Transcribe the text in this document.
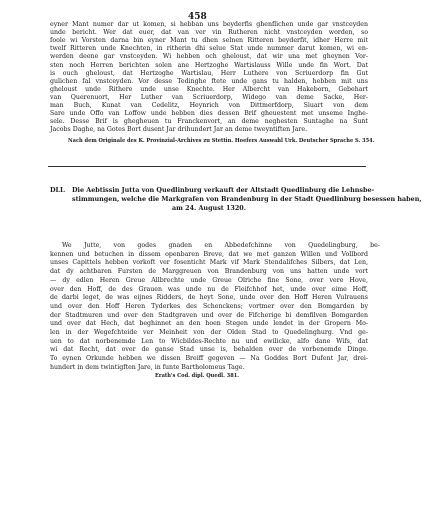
458
eyner Mant numer dar ut komen, si hebban uns beyderfis ghenflichen unde gar vnstceyden
unde bericht. Wer dat euer, dat van ver vin Rutheren nicht vnstceyden worden, so
foole wi Vorsten darna bin eyner Mant tu dhen selnen Ritteren beyderfit, idher Herre mit
twelf Ritteren unde Knechten, in ritherin dhi selue Stat unde nummer darut komen, wi en-
werden deene gar vnstceyden. Wi hebben och gheloust, dat wir una met gheynen Vor-
sten noch Herren berichten solen ane Hertzoghe Wartislauss Wille unde fin Wort. Dat
is ouch gheloust, dat Hertzoghe Wartislau, Herr Luthere von Scriuerdorp fin Gut
gulichen fal vnstceyden. Vor desse Tedinghe ftete unde gans tu halden, hebben mit uns
gheloust unde Rithere unde unse Knechte. Her Albercht van Hakeborn, Gebehart
van Querenuort, Her Luther van Scriuerdorp, Widego van deme Sacke, Her-
man Buch, Kunat van Cedelitz, Heynrich von Dittmerfdorp, Siuart von dem
Sare unde Offo van Loffow unde hebben dies dessen Brif gheuestent met unseme Inghe-
sele. Desse Brif is ghegheuen tu Franckenvort, an deme neghesten Suntaghe na Sunt
Jacobs Daghe, na Gotes Bort dusent Jar drihundert Jar an deme tweyntiften Jare.
Nach dem Originale des K. Provinzial-Archives zu Stettin. Hoefers Auswahl Urk. Deutscher Sprache S. 354.
DLI. Die Aebtissin Jutta von Quedlinburg verkauft der Altstadt Quedlinburg die Lehnsbe-
stimmungen, welche die Markgrafen von Brandenburg in der Stadt Quedlinburg besessen haben,
am 24. August 1320.
We Jutte, von godes gnaden en Abbedefchinne von Quedelingburg, be-
kennen und betuchen in dissem openbaren Breve, dat we met ganzen Willen und Vollbord
unses Capittels hebben vorkoft ver fosenticht Mark vif Mark Stendalifches Silbers, dat Len,
dat dy achtbaren Fursten de Marggreuen von Brandenburg von uns hatten unde vort
— dy edlen Heren Greue Allbrechte unde Greue Olriche fine Sone, over vere Hove,
over den Hoff, de des Grauen was unde nu de Fleifchhof het, unde over eime Hoff,
de darbi leget, de was eijnes Ridders, de heyt Sone, unde over den Hoff Heren Vulrauens
und over den Hoff Heren Tyderkes des Schenckens; vortmer over den Bomgarden by
der Stadtmuren und over den Stadtgraven und over de Fifcherige bi demfilven Bomgarden
und over dat Hech, dat beghinnet an den hoen Stegen unde lendet in der Gropern Mo-
len in der Wegefchteide ver Meinheit von der Olden Stad to Quedelinghurg. Vnd ge-
uen to dat norbenemde Len to Wicbildes-Rechte nu und ewilicke, alfo dane Wifs, dat
wi dat Recht, dat over de ganse Stad unse is, behalden over de vorbenemde Dinge.
To eynen Orkunde hebben we dissen Breiff gegeven — Na Goddes Bort Dufent Jar, drei-
hundert in dem twintigften Jare, in funte Bartholomeus Tage.
Erath's Cod. dipl. Quedl. 381.
